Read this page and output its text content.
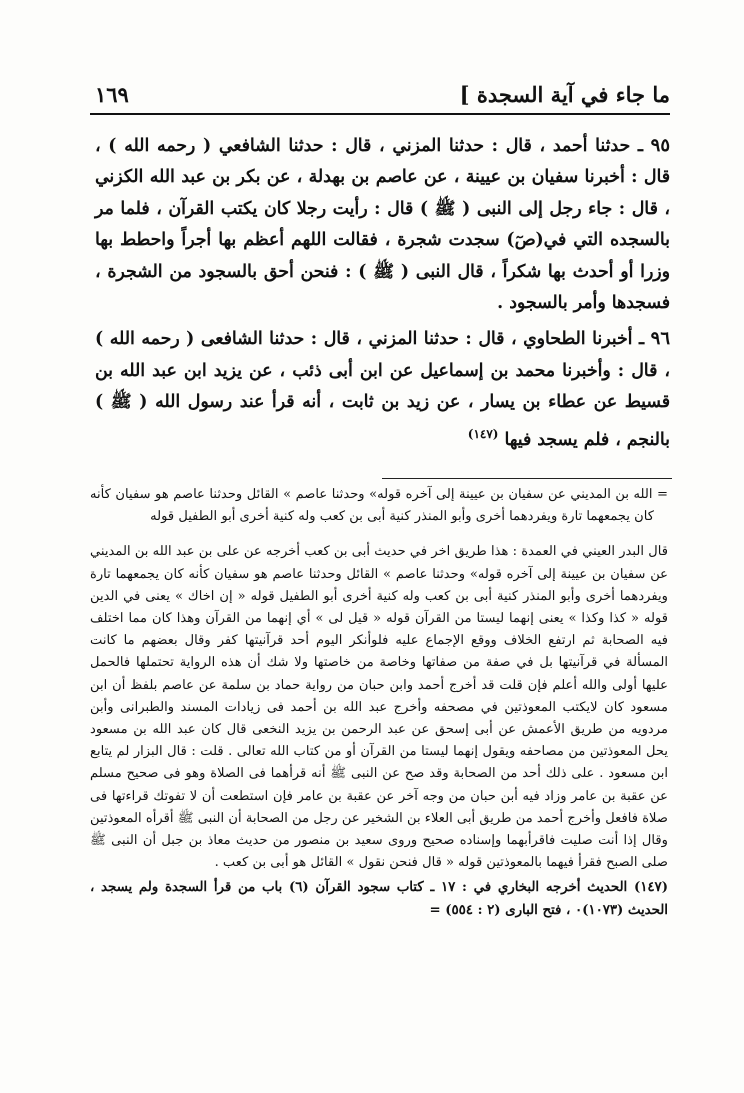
ما جاء في آية السجدة ]
١٦٩

٩٥ ـ حدثنا أحمد ، قال : حدثنا المزني ، قال : حدثنا الشافعي ( رحمه الله ) ، قال : أخبرنا سفيان بن عيينة ، عن عاصم بن بهدلة ، عن بكر بن عبد الله الكزني ، قال : جاء رجل إلى النبى ( ﷺ ) قال : رأيت رجلا كان يكتب القرآن ، فلما مر بالسجده التي في(صٓ) سجدت شجرة ، فقالت اللهم أعظم بها أجراً واحطط بها وزرا أو أحدث بها شكراً ، قال النبى ( ﷺ ) : فنحن أحق بالسجود من الشجرة ، فسجدها وأمر بالسجود .

٩٦ ـ أخبرنا الطحاوي ، قال : حدثنا المزني ، قال : حدثنا الشافعى ( رحمه الله ) ، قال : وأخبرنا محمد بن إسماعيل عن ابن أبى ذئب ، عن يزيد ابن عبد الله بن قسيط عن عطاء بن يسار ، عن زيد بن ثابت ، أنه قرأ عند رسول الله ( ﷺ ) بالنجم ، فلم يسجد فيها $^{(١٤٧)}$

= الله بن المديني عن سفيان بن عيينة إلى آخره قوله» وحدثنا عاصم » القائل وحدثنا عاصم هو سفيان كأنه كان يجمعهما تارة ويفردهما أخرى وأبو المنذر كنية أبى بن كعب وله كنية أخرى أبو الطفيل قوله

قال البدر العيني في العمدة : هذا طريق اخر في حديث أبى بن كعب أخرجه عن على بن عبد الله بن المديني عن سفيان بن عيينة إلى آخره قوله» وحدثنا عاصم » القائل وحدثنا عاصم هو سفيان كأنه كان يجمعهما تارة ويفردهما أخرى وأبو المنذر كنية أبى بن كعب وله كنية أخرى أبو الطفيل قوله « إن اخاك » يعنى في الدين قوله « كذا وكذا » يعنى إنهما ليستا من القرآن قوله « قيل لى » أي إنهما من القرآن وهذا كان مما اختلف فيه الصحابة ثم ارتفع الخلاف ووقع الإجماع عليه فلوأنكر اليوم أحد قرآنيتها كفر وقال بعضهم ما كانت المسألة في قرآنيتها بل في صفة من صفاتها وخاصة من خاصتها ولا شك أن هذه الرواية تحتملها فالحمل عليها أولى والله أعلم فإن قلت قد أخرج أحمد وابن حبان من رواية حماد بن سلمة عن عاصم بلفظ أن ابن مسعود كان لايكتب المعوذتين في مصحفه وأخرج عبد الله بن أحمد فى زيادات المسند والطبرانى وأبن مردويه من طريق الأعمش عن أبى إسحق عن عبد الرحمن بن يزيد النخعى قال كان عبد الله بن مسعود يحل المعوذتين من مصاحفه ويقول إنهما ليستا من القرآن أو من كتاب الله تعالى . قلت : قال البزار لم يتابع ابن مسعود . على ذلك أحد من الصحابة وقد صح عن النبى ﷺ أنه قرأهما فى الصلاة وهو فى صحيح مسلم عن عقبة بن عامر وزاد فيه أبن حبان من وجه آخر عن عقبة بن عامر فإن استطعت أن لا تفوتك قراءتها فى صلاة فافعل وأخرج أحمد من طريق أبى العلاء بن الشخير عن رجل من الصحابة أن النبى ﷺ أقرأه المعوذتين وقال إذا أنت صليت فاقرأبهما وإسناده صحيح وروى سعيد بن منصور من حديث معاذ بن جبل أن النبى ﷺ صلى الصبح فقرأ فيهما بالمعوذتين قوله « قال فنحن نقول » القائل هو أبى بن كعب .

(١٤٧) الحديث أخرجه البخاري في : ١٧ ـ كتاب سجود القرآن (٦) باب من قرأ السجدة ولم يسجد ، الحديث (١٠٧٣)٠ ، فتح البارى (٢ : ٥٥٤) =
